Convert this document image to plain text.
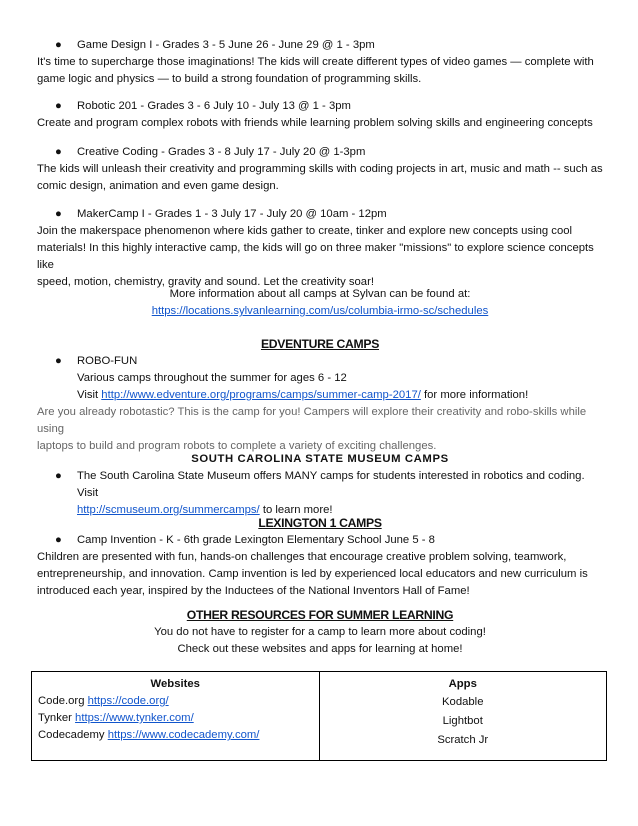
● Game Design I - Grades 3 - 5 June 26 - June 29 @ 1 - 3pm
It's time to supercharge those imaginations! The kids will create different types of video games — complete with
game logic and physics — to build a strong foundation of programming skills.
● Robotic 201 - Grades 3 - 6 July 10 - July 13 @ 1 - 3pm
Create and program complex robots with friends while learning problem solving skills and engineering concepts
● Creative Coding - Grades 3 - 8 July 17 - July 20 @ 1-3pm
The kids will unleash their creativity and programming skills with coding projects in art, music and math -- such as
comic design, animation and even game design.
● MakerCamp I - Grades 1 - 3 July 17 - July 20 @ 10am - 12pm
Join the makerspace phenomenon where kids gather to create, tinker and explore new concepts using cool
materials! In this highly interactive camp, the kids will go on three maker "missions" to explore science concepts like
speed, motion, chemistry, gravity and sound. Let the creativity soar!
More information about all camps at Sylvan can be found at:
https://locations.sylvanlearning.com/us/columbia-irmo-sc/schedules
EDVENTURE CAMPS
● ROBO-FUN
Various camps throughout the summer for ages 6 - 12
Visit http://www.edventure.org/programs/camps/summer-camp-2017/ for more information!
Are you already robotastic? This is the camp for you! Campers will explore their creativity and robo-skills while using
laptops to build and program robots to complete a variety of exciting challenges.
SOUTH CAROLINA STATE MUSEUM CAMPS
● The South Carolina State Museum offers MANY camps for students interested in robotics and coding. Visit
http://scmuseum.org/summercamps/ to learn more!
LEXINGTON 1 CAMPS
● Camp Invention - K - 6th grade Lexington Elementary School June 5 - 8
Children are presented with fun, hands-on challenges that encourage creative problem solving, teamwork,
entrepreneurship, and innovation. Camp invention is led by experienced local educators and new curriculum is
introduced each year, inspired by the Inductees of the National Inventors Hall of Fame!
OTHER RESOURCES FOR SUMMER LEARNING
You do not have to register for a camp to learn more about coding!
Check out these websites and apps for learning at home!
Websites
Code.org https://code.org/
Tynker https://www.tynker.com/
Codecademy https://www.codecademy.com/

Apps
Kodable
Lightbot
Scratch Jr
